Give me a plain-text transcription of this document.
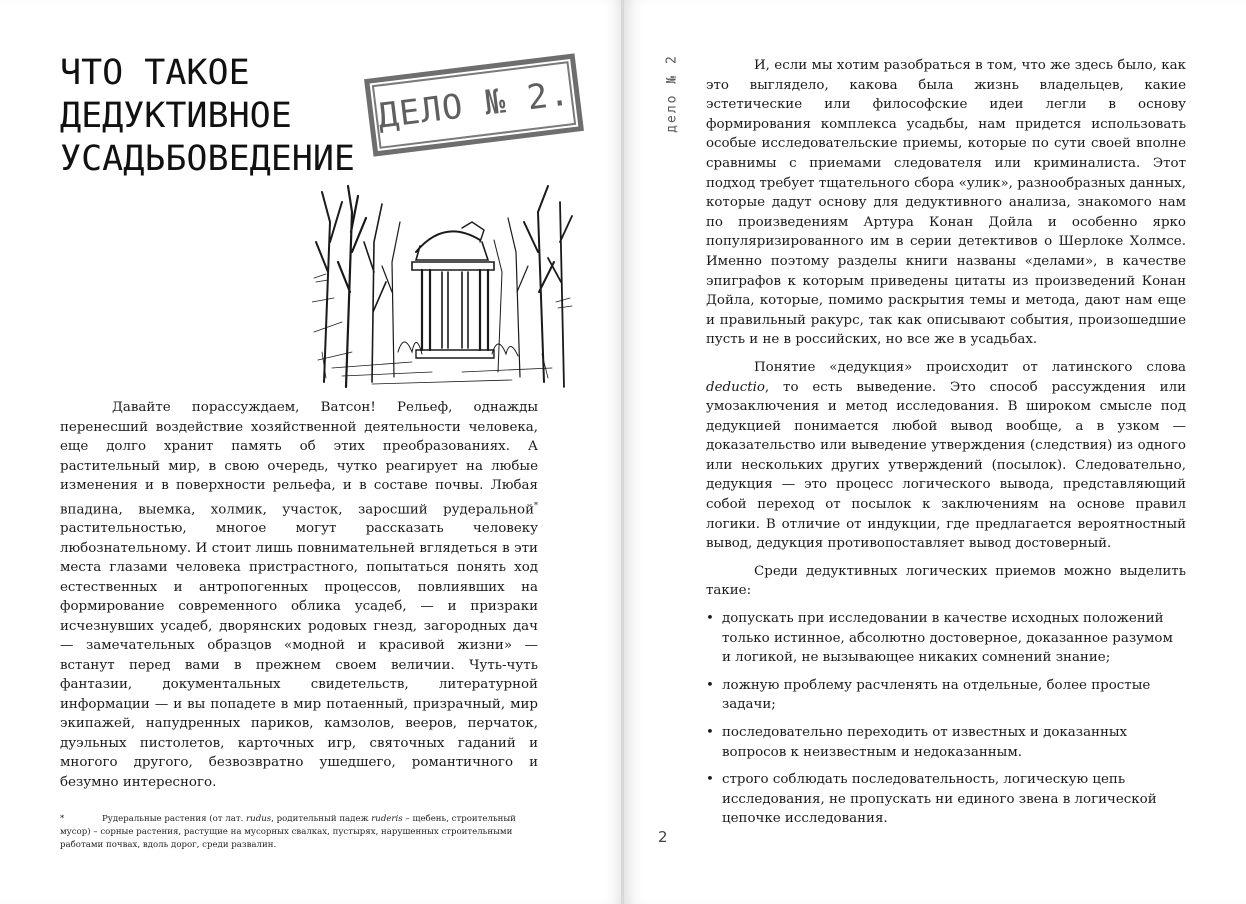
ЧТО ТАКОЕ
ДЕДУКТИВНОЕ
УСАДЬБОВЕДЕНИЕ
ДЕЛО № 2.

Давайте порассуждаем, Ватсон! Рельеф, однажды перенесший воздействие хозяйственной деятельности человека, еще долго хранит память об этих преобразованиях. А растительный мир, в свою очередь, чутко реагирует на любые изменения и в поверхности рельефа, и в составе почвы. Любая впадина, выемка, холмик, участок, заросший рудеральной* растительностью, многое могут рассказать человеку любознательному. И стоит лишь повнимательней вглядеться в эти места глазами человека пристрастного, попытаться понять ход естественных и антропогенных процессов, повлиявших на формирование современного облика усадеб, — и призраки исчезнувших усадеб, дворянских родовых гнезд, загородных дач — замечательных образцов «модной и красивой жизни» — встанут перед вами в прежнем своем величии. Чуть-чуть фантазии, документальных свидетельств, литературной информации — и вы попадете в мир потаенный, призрачный, мир экипажей, напудренных париков, камзолов, вееров, перчаток, дуэльных пистолетов, карточных игр, святочных гаданий и многого другого, безвозвратно ушедшего, романтичного и безумно интересного.

*	Рудеральные растения (от лат. rudus, родительный падеж ruderis – щебень, строительный мусор) – сорные растения, растущие на мусорных свалках, пустырях, нарушенных строительными работами почвах, вдоль дорог, среди развалин.
дело № 2	И, если мы хотим разобраться в том, что же здесь было, как это выглядело, какова была жизнь владельцев, какие эстетические или философские идеи легли в основу формирования комплекса усадьбы, нам придется использовать особые исследовательские приемы, которые по сути своей вполне сравнимы с приемами следователя или криминалиста. Этот подход требует тщательного сбора «улик», разнообразных данных, которые дадут основу для дедуктивного анализа, знакомого нам по произведениям Артура Конан Дойла и особенно ярко популяризированного им в серии детективов о Шерлоке Холмсе. Именно поэтому разделы книги названы «делами», в качестве эпиграфов к которым приведены цитаты из произведений Конан Дойла, которые, помимо раскрытия темы и метода, дают нам еще и правильный ракурс, так как описывают события, произошедшие пусть и не в российских, но все же в усадьбах.

Понятие «дедукция» происходит от латинского слова deductio, то есть выведение. Это способ рассуждения или умозаключения и метод исследования. В широком смысле под дедукцией понимается любой вывод вообще, а в узком — доказательство или выведение утверждения (следствия) из одного или нескольких других утверждений (посылок). Следовательно, дедукция — это процесс логического вывода, представляющий собой переход от посылок к заключениям на основе правил логики. В отличие от индукции, где предлагается вероятностный вывод, дедукция противопоставляет вывод достоверный.

Среди дедуктивных логических приемов можно выделить такие:

• допускать при исследовании в качестве исходных положений только истинное, абсолютно достоверное, доказанное разумом и логикой, не вызывающее никаких сомнений знание;
• ложную проблему расчленять на отдельные, более простые задачи;
• последовательно переходить от известных и доказанных вопросов к неизвестным и недоказанным.
• строго соблюдать последовательность, логическую цепь исследования, не пропускать ни единого звена в логической цепочке исследования.
2
